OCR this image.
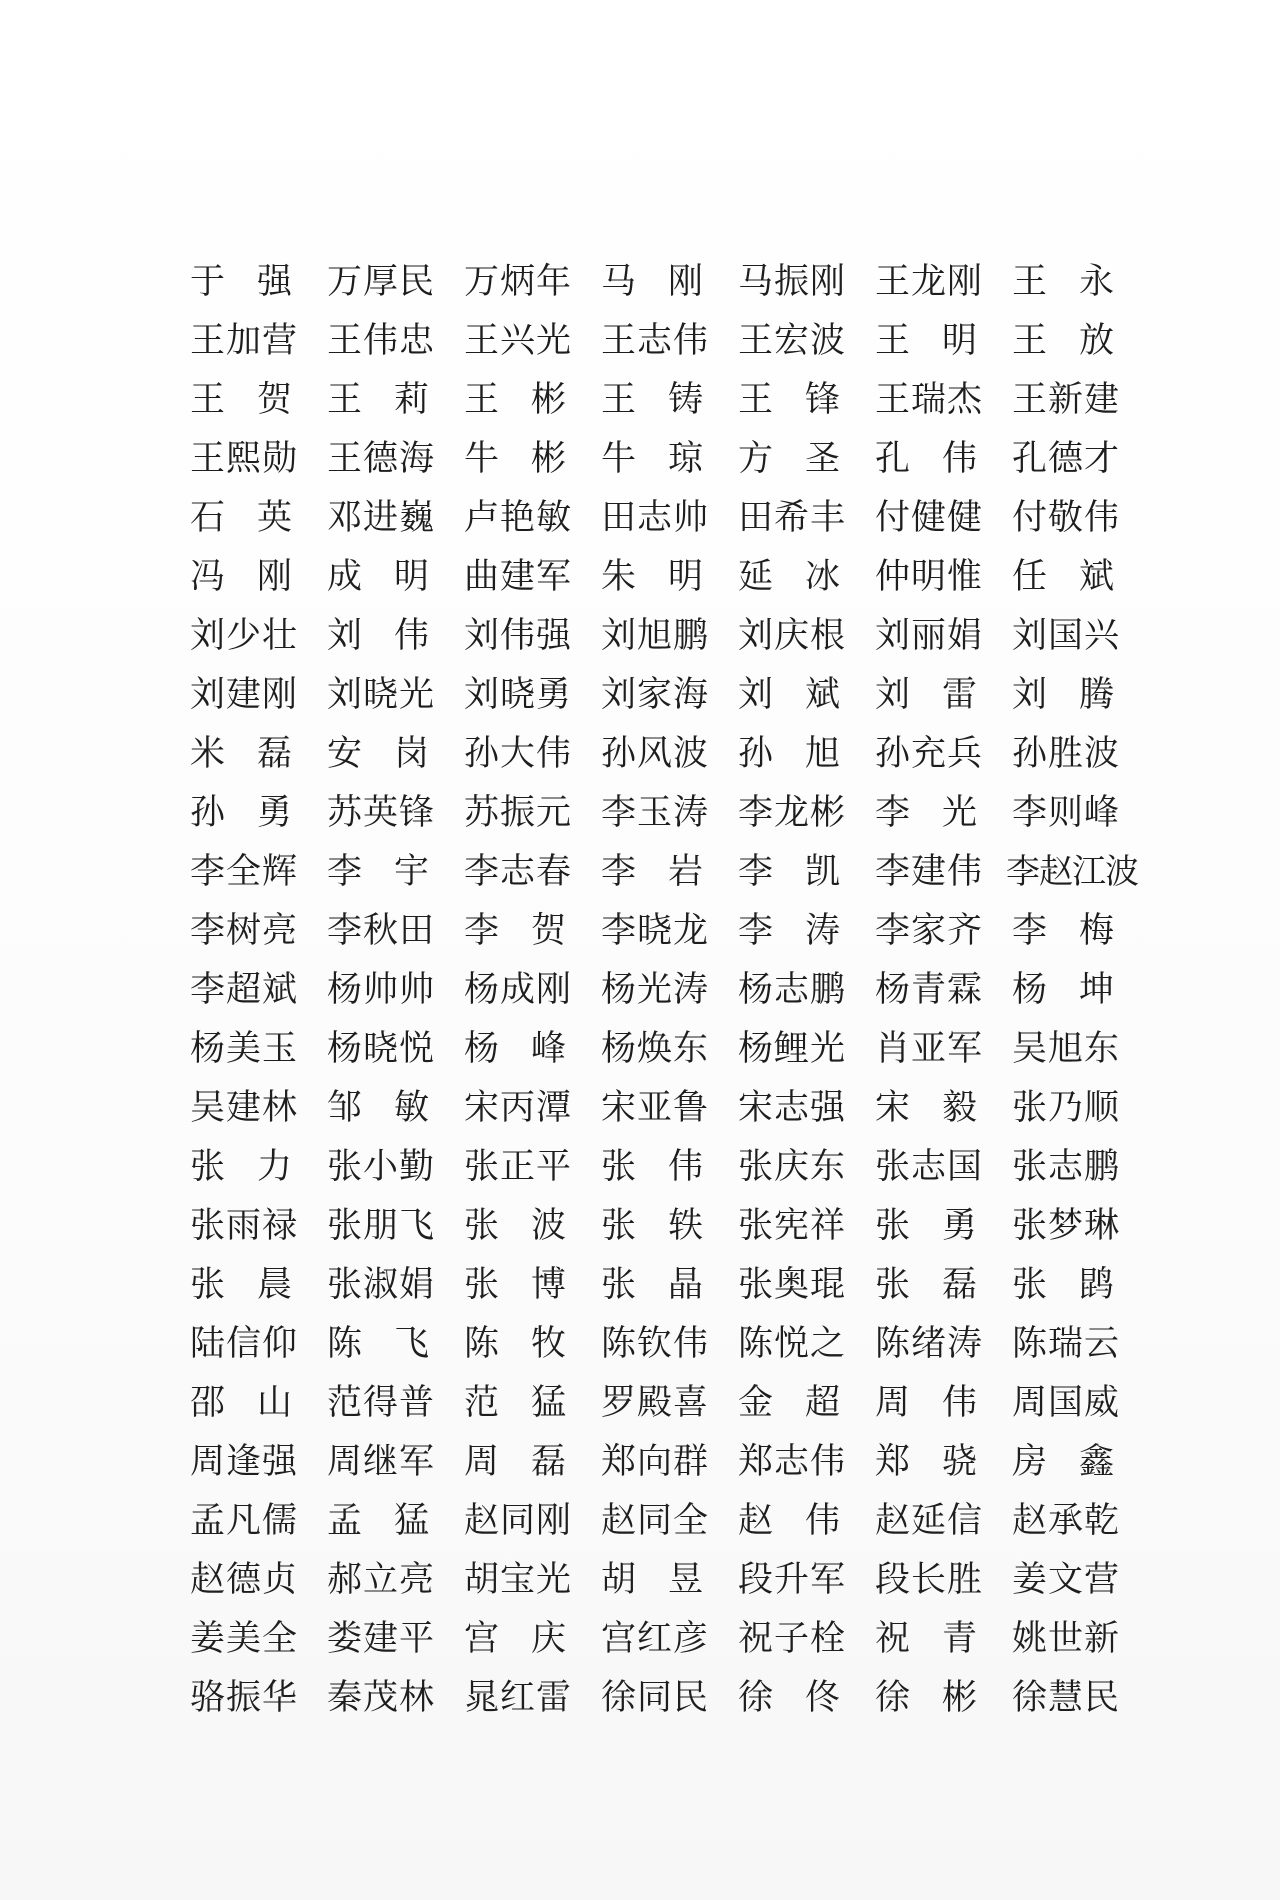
于 强 万厚民 万炳年 马 刚 马振刚 王龙刚 王 永
王加营 王伟忠 王兴光 王志伟 王宏波 王 明 王 放
王 贺 王 莉 王 彬 王 铸 王 锋 王瑞杰 王新建
王熙勋 王德海 牛 彬 牛 琼 方 圣 孔 伟 孔德才
石 英 邓进巍 卢艳敏 田志帅 田希丰 付健健 付敬伟
冯 刚 成 明 曲建军 朱 明 延 冰 仲明惟 任 斌
刘少壮 刘 伟 刘伟强 刘旭鹏 刘庆根 刘丽娟 刘国兴
刘建刚 刘晓光 刘晓勇 刘家海 刘 斌 刘 雷 刘 腾
米 磊 安 岗 孙大伟 孙风波 孙 旭 孙充兵 孙胜波
孙 勇 苏英锋 苏振元 李玉涛 李龙彬 李 光 李则峰
李全辉 李 宇 李志春 李 岩 李 凯 李建伟 李赵江波
李树亮 李秋田 李 贺 李晓龙 李 涛 李家齐 李 梅
李超斌 杨帅帅 杨成刚 杨光涛 杨志鹏 杨青霖 杨 坤
杨美玉 杨晓悦 杨 峰 杨焕东 杨鲤光 肖亚军 吴旭东
吴建林 邹 敏 宋丙潭 宋亚鲁 宋志强 宋 毅 张乃顺
张 力 张小勤 张正平 张 伟 张庆东 张志国 张志鹏
张雨禄 张朋飞 张 波 张 轶 张宪祥 张 勇 张梦琳
张 晨 张淑娟 张 博 张 晶 张奥琨 张 磊 张 鹍
陆信仰 陈 飞 陈 牧 陈钦伟 陈悦之 陈绪涛 陈瑞云
邵 山 范得普 范 猛 罗殿喜 金 超 周 伟 周国威
周逢强 周继军 周 磊 郑向群 郑志伟 郑 骁 房 鑫
孟凡儒 孟 猛 赵同刚 赵同全 赵 伟 赵延信 赵承乾
赵德贞 郝立亮 胡宝光 胡 昱 段升军 段长胜 姜文营
姜美全 娄建平 宫 庆 宫红彦 祝子栓 祝 青 姚世新
骆振华 秦茂林 晁红雷 徐同民 徐 佟 徐 彬 徐慧民
